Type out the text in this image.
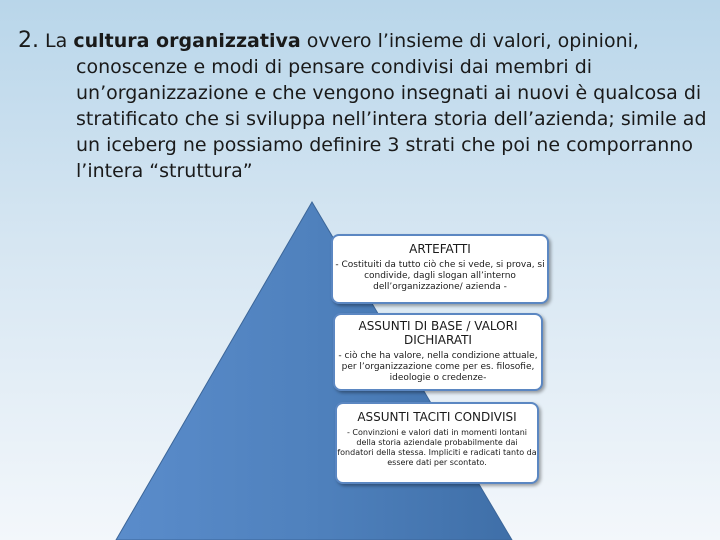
2. La cultura organizzativa ovvero l’insieme di valori, opinioni,

conoscenze e modi di pensare condivisi dai membri di un’organizzazione e che vengono insegnati ai nuovi è qualcosa di stratificato che si sviluppa nell’intera storia dell’azienda; simile ad un iceberg ne possiamo definire 3 strati che poi ne comporranno l’intera “struttura”

ARTEFATTI
- Costituiti da tutto ciò che si vede, si prova, si condivide, dagli slogan all’interno dell’organizzazione/ azienda -
ASSUNTI DI BASE / VALORI DICHIARATI
- ciò che ha valore, nella condizione attuale, per l’organizzazione come per es. filosofie, ideologie o credenze-
ASSUNTI TACITI CONDIVISI
- Convinzioni e valori dati in momenti lontani della storia aziendale probabilmente dai fondatori della stessa. Impliciti e radicati tanto da essere dati per scontato.
